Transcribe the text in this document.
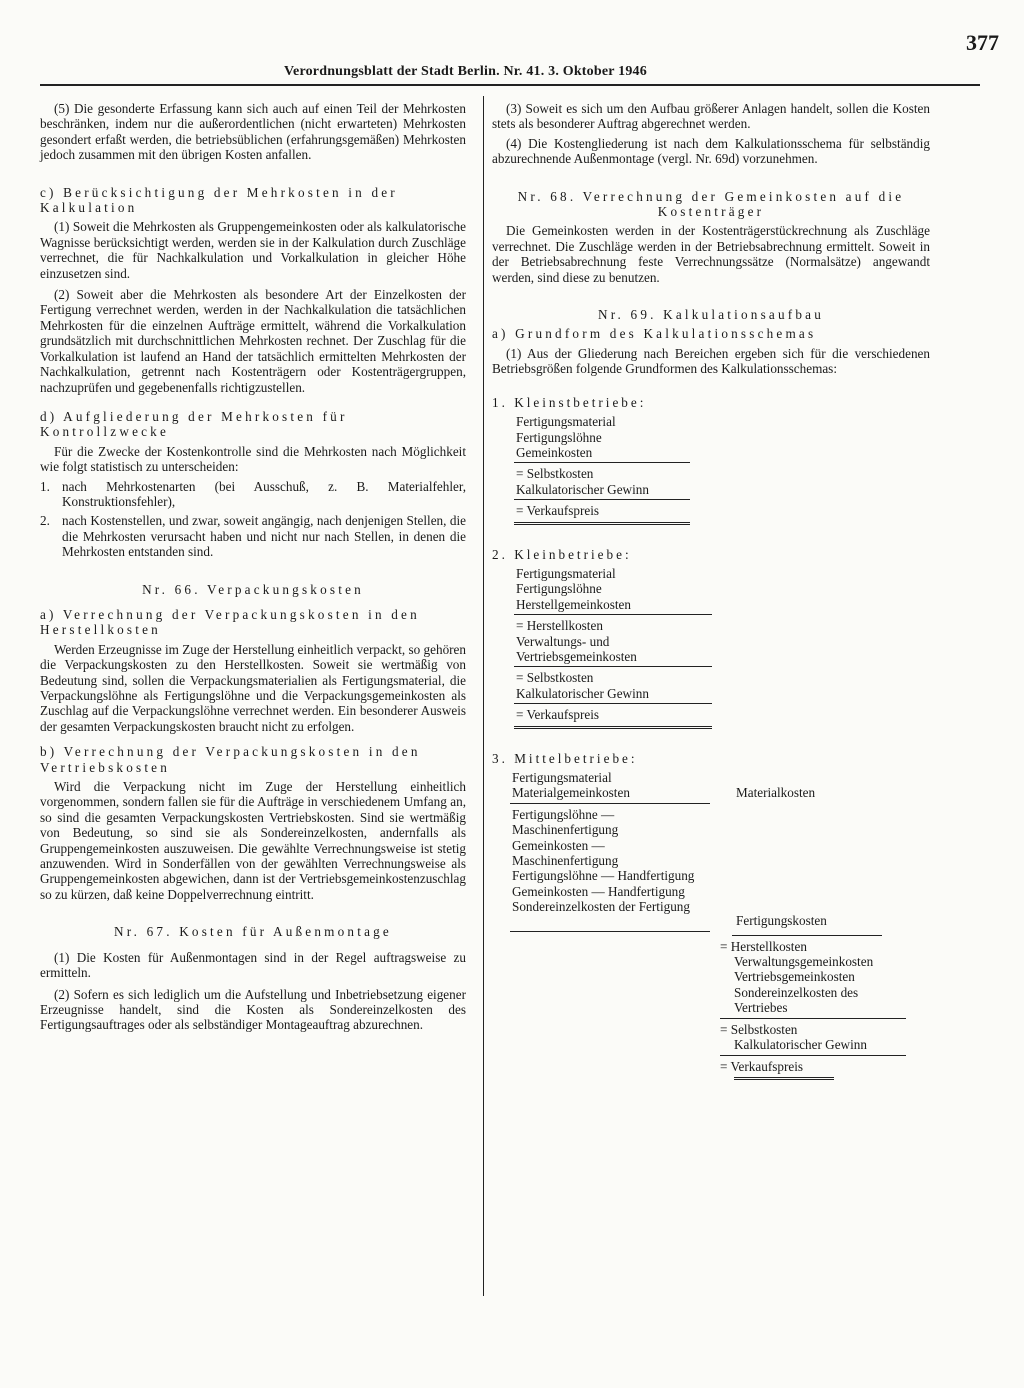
377
Verordnungsblatt der Stadt Berlin. Nr. 41. 3. Oktober 1946

(5) Die gesonderte Erfassung kann sich auch auf einen Teil der Mehrkosten beschränken, indem nur die außerordentlichen (nicht erwarteten) Mehrkosten gesondert erfaßt werden, die betriebsüblichen (erfahrungsgemäßen) Mehrkosten jedoch zusammen mit den übrigen Kosten anfallen.

c) Berücksichtigung der Mehrkosten in der Kalkulation

(1) Soweit die Mehrkosten als Gruppengemeinkosten oder als kalkulatorische Wagnisse berücksichtigt werden, werden sie in der Kalkulation durch Zuschläge verrechnet, die für Nachkalkulation und Vorkalkulation in gleicher Höhe einzusetzen sind.

(2) Soweit aber die Mehrkosten als besondere Art der Einzelkosten der Fertigung verrechnet werden, werden in der Nachkalkulation die tatsächlichen Mehrkosten für die einzelnen Aufträge ermittelt, während die Vorkalkulation grundsätzlich mit durchschnittlichen Mehrkosten rechnet. Der Zuschlag für die Vorkalkulation ist laufend an Hand der tatsächlich ermittelten Mehrkosten der Nachkalkulation, getrennt nach Kostenträgern oder Kostenträgergruppen, nachzuprüfen und gegebenenfalls richtigzustellen.

d) Aufgliederung der Mehrkosten für Kontrollzwecke

Für die Zwecke der Kostenkontrolle sind die Mehrkosten nach Möglichkeit wie folgt statistisch zu unterscheiden:

1. nach Mehrkostenarten (bei Ausschuß, z. B. Materialfehler, Konstruktionsfehler),
2. nach Kostenstellen, und zwar, soweit angängig, nach denjenigen Stellen, die die Mehrkosten verursacht haben und nicht nur nach Stellen, in denen die Mehrkosten entstanden sind.
Nr. 66. Verpackungskosten
a) Verrechnung der Verpackungskosten in den Herstellkosten

Werden Erzeugnisse im Zuge der Herstellung einheitlich verpackt, so gehören die Verpackungskosten zu den Herstellkosten. Soweit sie wertmäßig von Bedeutung sind, sollen die Verpackungsmaterialien als Fertigungsmaterial, die Verpackungslöhne als Fertigungslöhne und die Verpackungsgemeinkosten als Zuschlag auf die Verpackungslöhne verrechnet werden. Ein besonderer Ausweis der gesamten Verpackungskosten braucht nicht zu erfolgen.

b) Verrechnung der Verpackungskosten in den Vertriebskosten

Wird die Verpackung nicht im Zuge der Herstellung einheitlich vorgenommen, sondern fallen sie für die Aufträge in verschiedenem Umfang an, so sind die gesamten Verpackungskosten Vertriebskosten. Sind sie wertmäßig von Bedeutung, so sind sie als Sondereinzelkosten, andernfalls als Gruppengemeinkosten auszuweisen. Die gewählte Verrechnungsweise ist stetig anzuwenden. Wird in Sonderfällen von der gewählten Verrechnungsweise als Gruppengemeinkosten abgewichen, dann ist der Vertriebsgemeinkostenzuschlag so zu kürzen, daß keine Doppelverrechnung eintritt.

Nr. 67. Kosten für Außenmontage

(1) Die Kosten für Außenmontagen sind in der Regel auftragsweise zu ermitteln.

(2) Sofern es sich lediglich um die Aufstellung und Inbetriebsetzung eigener Erzeugnisse handelt, sind die Kosten als Sondereinzelkosten des Fertigungsauftrages oder als selbständiger Montageauftrag abzurechnen.

(3) Soweit es sich um den Aufbau größerer Anlagen handelt, sollen die Kosten stets als besonderer Auftrag abgerechnet werden.

(4) Die Kostengliederung ist nach dem Kalkulationsschema für selbständig abzurechnende Außenmontage (vergl. Nr. 69d) vorzunehmen.

Nr. 68. Verrechnung der Gemeinkosten auf die Kostenträger

Die Gemeinkosten werden in der Kostenträgerstückrechnung als Zuschläge verrechnet. Die Zuschläge werden in der Betriebsabrechnung ermittelt. Soweit in der Betriebsabrechnung feste Verrechnungssätze (Normalsätze) angewandt werden, sind diese zu benutzen.

Nr. 69. Kalkulationsaufbau
a) Grundform des Kalkulationsschemas

(1) Aus der Gliederung nach Bereichen ergeben sich für die verschiedenen Betriebsgrößen folgende Grundformen des Kalkulationsschemas:

1. Kleinstbetriebe:
Fertigungsmaterial
Fertigungslöhne
Gemeinkosten
= Selbstkosten
Kalkulatorischer Gewinn
= Verkaufspreis
2. Kleinbetriebe:
Fertigungsmaterial
Fertigungslöhne
Herstellgemeinkosten
= Herstellkosten
Verwaltungs- und Vertriebsgemeinkosten
= Selbstkosten
Kalkulatorischer Gewinn
= Verkaufspreis
3. Mittelbetriebe:
Fertigungsmaterial
Materialgemeinkosten	Materialkosten
Fertigungslöhne — Maschinenfertigung
Gemeinkosten — Maschinenfertigung
Fertigungslöhne — Handfertigung
Gemeinkosten — Handfertigung
Sondereinzelkosten der Fertigung
Fertigungskosten
= Herstellkosten
Verwaltungsgemeinkosten
Vertriebsgemeinkosten
Sondereinzelkosten des Vertriebes
= Selbstkosten
Kalkulatorischer Gewinn
= Verkaufspreis
